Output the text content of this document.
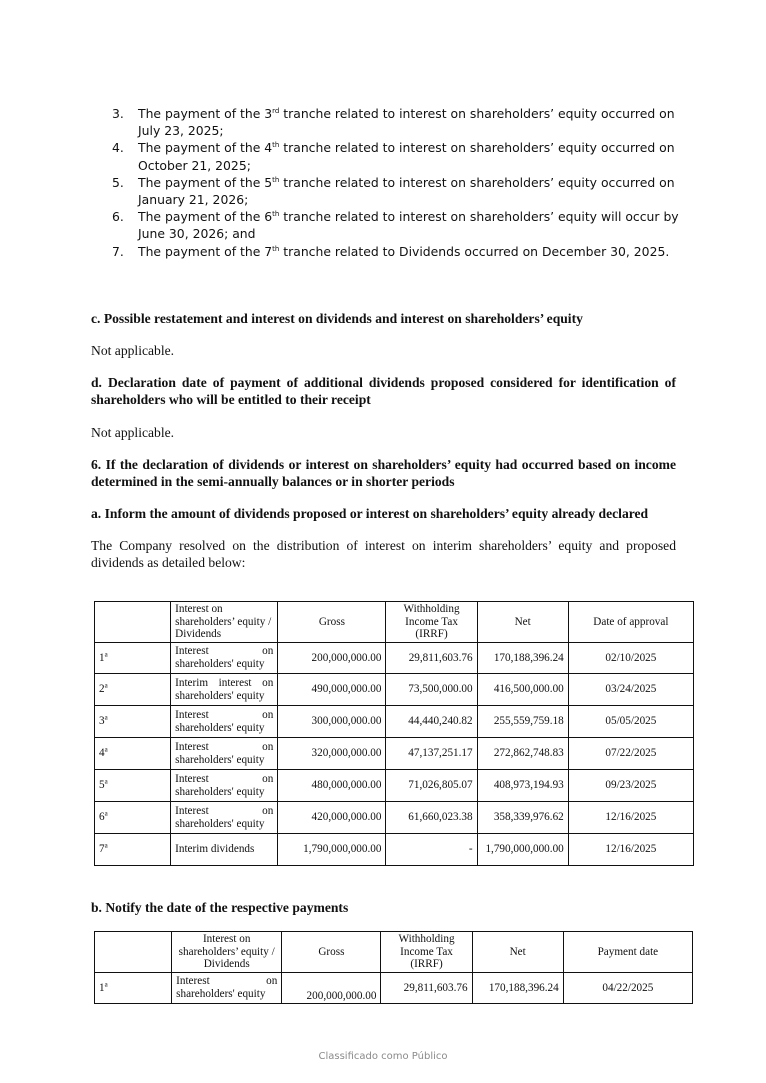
3. The payment of the 3rd tranche related to interest on shareholders’ equity occurred on July 23, 2025;
4. The payment of the 4th tranche related to interest on shareholders’ equity occurred on October 21, 2025;
5. The payment of the 5th tranche related to interest on shareholders’ equity occurred on January 21, 2026;
6. The payment of the 6th tranche related to interest on shareholders’ equity will occur by June 30, 2026; and
7. The payment of the 7th tranche related to Dividends occurred on December 30, 2025.

c. Possible restatement and interest on dividends and interest on shareholders’ equity

Not applicable.

d. Declaration date of payment of additional dividends proposed considered for identification of shareholders who will be entitled to their receipt

Not applicable.

6. If the declaration of dividends or interest on shareholders’ equity had occurred based on income determined in the semi-annually balances or in shorter periods

a. Inform the amount of dividends proposed or interest on shareholders’ equity already declared

The Company resolved on the distribution of interest on interim shareholders’ equity and proposed dividends as detailed below:

	Interest on shareholders’ equity / Dividends	Gross	Withholding Income Tax (IRRF)	Net	Date of approval
1$^a$	Interest on shareholders' equity	200,000,000.00	29,811,603.76	170,188,396.24	02/10/2025
2$^a$	Interim interest on shareholders' equity	490,000,000.00	73,500,000.00	416,500,000.00	03/24/2025
3$^a$	Interest on shareholders' equity	300,000,000.00	44,440,240.82	255,559,759.18	05/05/2025
4$^a$	Interest on shareholders' equity	320,000,000.00	47,137,251.17	272,862,748.83	07/22/2025
5$^a$	Interest on shareholders' equity	480,000,000.00	71,026,805.07	408,973,194.93	09/23/2025
6$^a$	Interest on shareholders' equity	420,000,000.00	61,660,023.38	358,339,976.62	12/16/2025
7$^a$	Interim dividends	1,790,000,000.00	-	1,790,000,000.00	12/16/2025

b. Notify the date of the respective payments

	Interest on shareholders’ equity / Dividends	Gross	Withholding Income Tax (IRRF)	Net	Payment date
1$^a$	Interest on shareholders' equity	200,000,000.00	29,811,603.76	170,188,396.24	04/22/2025
Classificado como Público
